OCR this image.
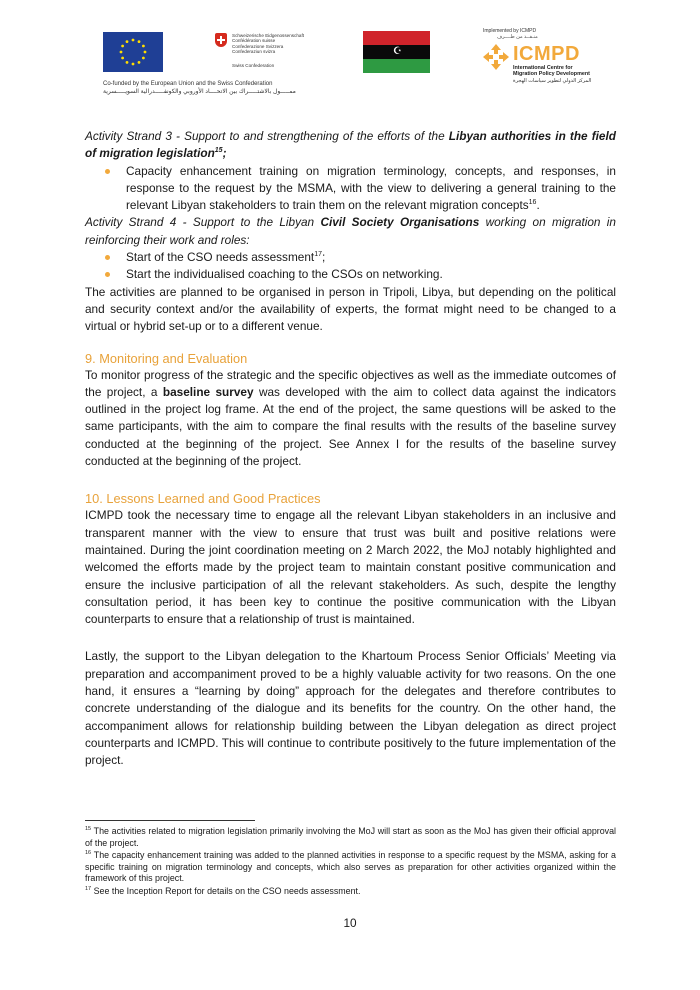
Schweizerische Eidgenossenschaft
Confédération suisse
Confederazione Svizzera
Confederaziun svizra
Swiss Confederation
☪
Implemented by ICMPD
منـفــذ من طــــرف
ICMPD
International Centre for
Migration Policy Development
المركز الدولي لتطوير سياسات الهجرة
Co-funded by the European Union and the Swiss Confederation
ممـــــول بالاشتـــــراك بين الاتحــــاد الأوروبي والكونفـــــدرالية السويـــــسرية

Activity Strand 3 - Support to and strengthening of the efforts of the Libyan authorities in the field of migration legislation$^{15}$;

Capacity enhancement training on migration terminology, concepts, and responses, in response to the request by the MSMA, with the view to delivering a general training to the relevant Libyan stakeholders to train them on the relevant migration concepts$^{16}$.

Activity Strand 4 - Support to the Libyan Civil Society Organisations working on migration in reinforcing their work and roles:

Start of the CSO needs assessment$^{17}$;
Start the individualised coaching to the CSOs on networking.

The activities are planned to be organised in person in Tripoli, Libya, but depending on the political and security context and/or the availability of experts, the format might need to be changed to a virtual or hybrid set-up or to a different venue.

9. Monitoring and Evaluation

To monitor progress of the strategic and the specific objectives as well as the immediate outcomes of the project, a baseline survey was developed with the aim to collect data against the indicators outlined in the project log frame. At the end of the project, the same questions will be asked to the same participants, with the aim to compare the final results with the results of the baseline survey conducted at the beginning of the project. See Annex I for the results of the baseline survey conducted at the beginning of the project.

10. Lessons Learned and Good Practices

ICMPD took the necessary time to engage all the relevant Libyan stakeholders in an inclusive and transparent manner with the view to ensure that trust was built and positive relations were maintained. During the joint coordination meeting on 2 March 2022, the MoJ notably highlighted and welcomed the efforts made by the project team to maintain constant positive communication and ensure the inclusive participation of all the relevant stakeholders. As such, despite the lengthy consultation period, it has been key to continue the positive communication with the Libyan counterparts to ensure that a relationship of trust is maintained.

Lastly, the support to the Libyan delegation to the Khartoum Process Senior Officials’ Meeting via preparation and accompaniment proved to be a highly valuable activity for two reasons. On the one hand, it ensures a “learning by doing” approach for the delegates and therefore contributes to concrete understanding of the dialogue and its benefits for the country. On the other hand, the accompaniment allows for relationship building between the Libyan delegation as direct project counterparts and ICMPD. This will continue to contribute positively to the future implementation of the project.

$^{15}$ The activities related to migration legislation primarily involving the MoJ will start as soon as the MoJ has given their official approval of the project.

$^{16}$ The capacity enhancement training was added to the planned activities in response to a specific request by the MSMA, asking for a specific training on migration terminology and concepts, which also serves as preparation for other activities organized within the framework of this project.

$^{17}$ See the Inception Report for details on the CSO needs assessment.

10
